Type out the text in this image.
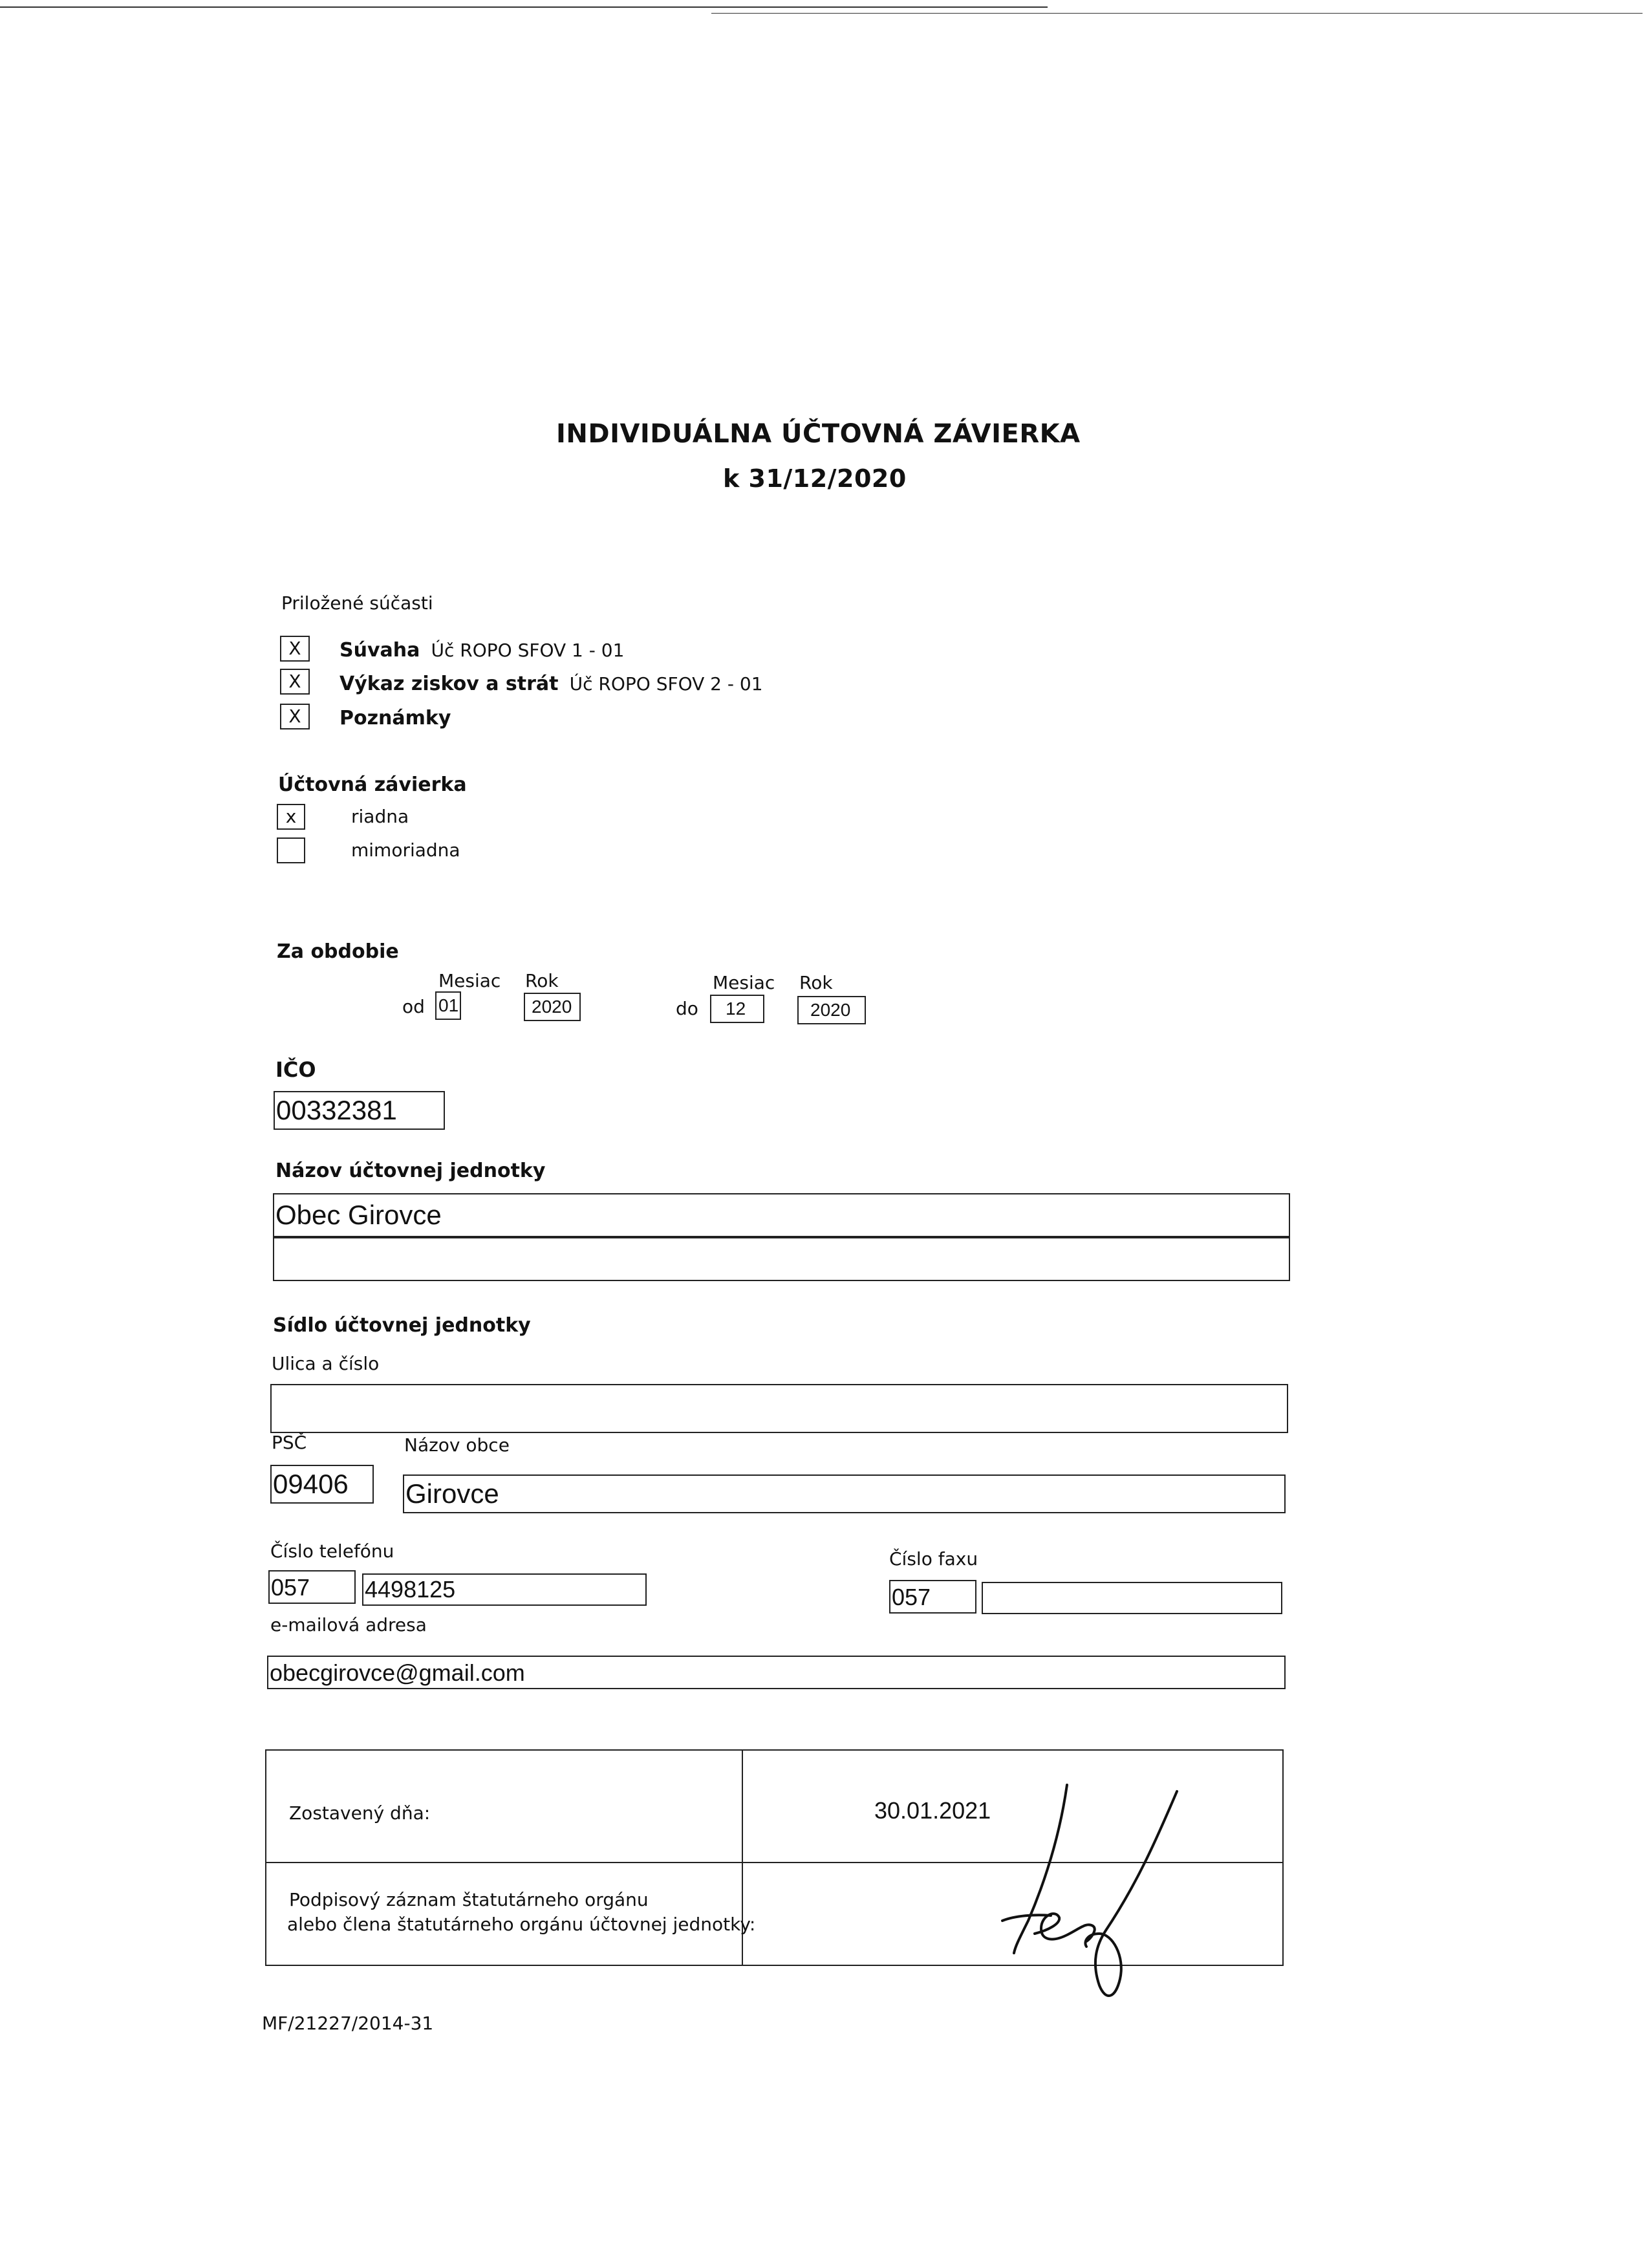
INDIVIDUÁLNA ÚČTOVNÁ ZÁVIERKA
k 31/12/2020
Priložené súčasti
X	Súvaha Úč ROPO SFOV 1 - 01
X	Výkaz ziskov a strát Úč ROPO SFOV 2 - 01
X	Poznámky
Účtovná závierka
x	riadna
mimoriadna
Za obdobie
Mesiac Rok	Mesiac Rok
od 01	2020	do 12	2020
IČO
00332381
Názov účtovnej jednotky
Obec Girovce
Sídlo účtovnej jednotky
Ulica a číslo
PSČ	Názov obce
09406 Girovce
Číslo telefónu	Číslo faxu
057 4498125	057
e-mailová adresa
obecgirovce@gmail.com
Zostavený dňa:	30.01.2021
Podpisový záznam štatutárneho orgánu
alebo člena štatutárneho orgánu účtovnej jednotky:
MF/21227/2014-31
